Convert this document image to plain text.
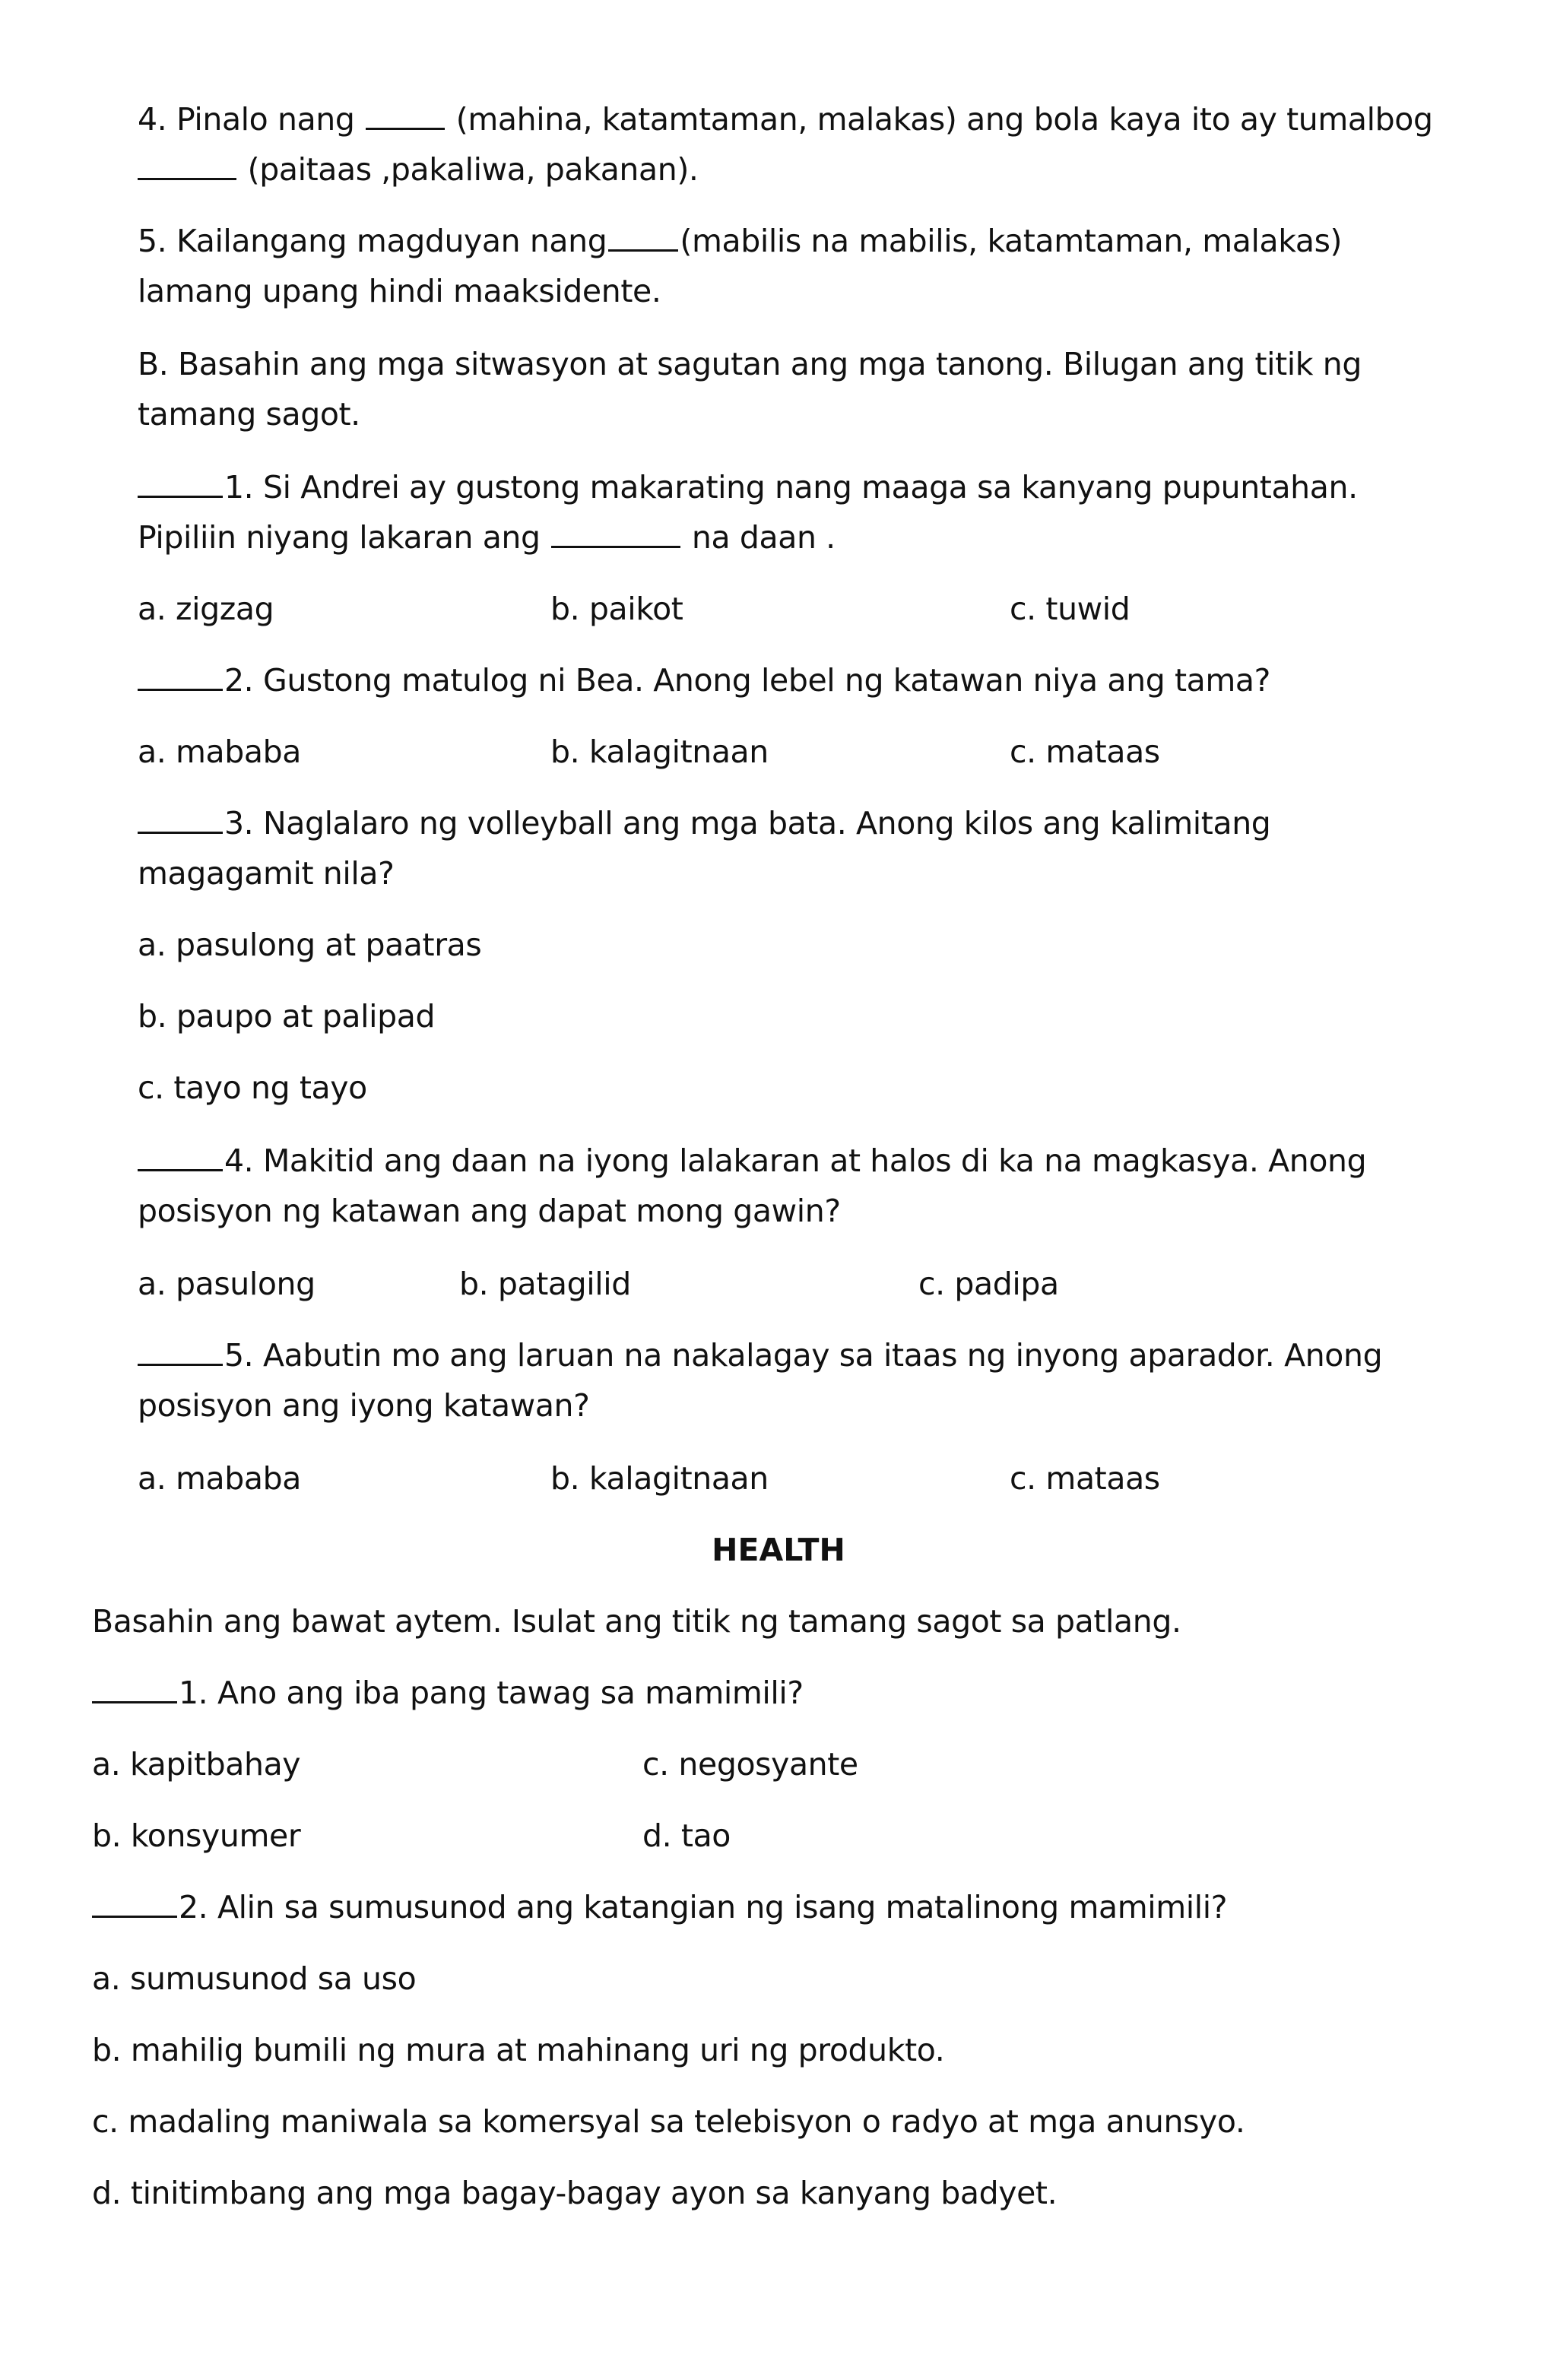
4. Pinalo nang	(mahina, katamtaman, malakas) ang bola kaya ito ay tumalbog

(paitaas ,pakaliwa, pakanan).

5. Kailangang magduyan nang (mabilis na mabilis, katamtaman, malakas)

lamang upang hindi maaksidente.

B. Basahin ang mga sitwasyon at sagutan ang mga tanong. Bilugan ang titik ng

tamang sagot.

1. Si Andrei ay gustong makarating nang maaga sa kanyang pupuntahan.

Pipiliin niyang lakaran ang	na daan .

a. zigzag	b. paikot	c. tuwid

2. Gustong matulog ni Bea. Anong lebel ng katawan niya ang tama?

a. mababa	b. kalagitnaan	c. mataas

3. Naglalaro ng volleyball ang mga bata. Anong kilos ang kalimitang

magagamit nila?

a. pasulong at paatras

b. paupo at palipad

c. tayo ng tayo

4. Makitid ang daan na iyong lalakaran at halos di ka na magkasya. Anong

posisyon ng katawan ang dapat mong gawin?

a. pasulong	b. patagilid	c. padipa

5. Aabutin mo ang laruan na nakalagay sa itaas ng inyong aparador. Anong

posisyon ang iyong katawan?

a. mababa	b. kalagitnaan	c. mataas

HEALTH

Basahin ang bawat aytem. Isulat ang titik ng tamang sagot sa patlang.

1. Ano ang iba pang tawag sa mamimili?

a. kapitbahay	c. negosyante

b. konsyumer	d. tao

2. Alin sa sumusunod ang katangian ng isang matalinong mamimili?

a. sumusunod sa uso

b. mahilig bumili ng mura at mahinang uri ng produkto.

c. madaling maniwala sa komersyal sa telebisyon o radyo at mga anunsyo.

d. tinitimbang ang mga bagay-bagay ayon sa kanyang badyet.
